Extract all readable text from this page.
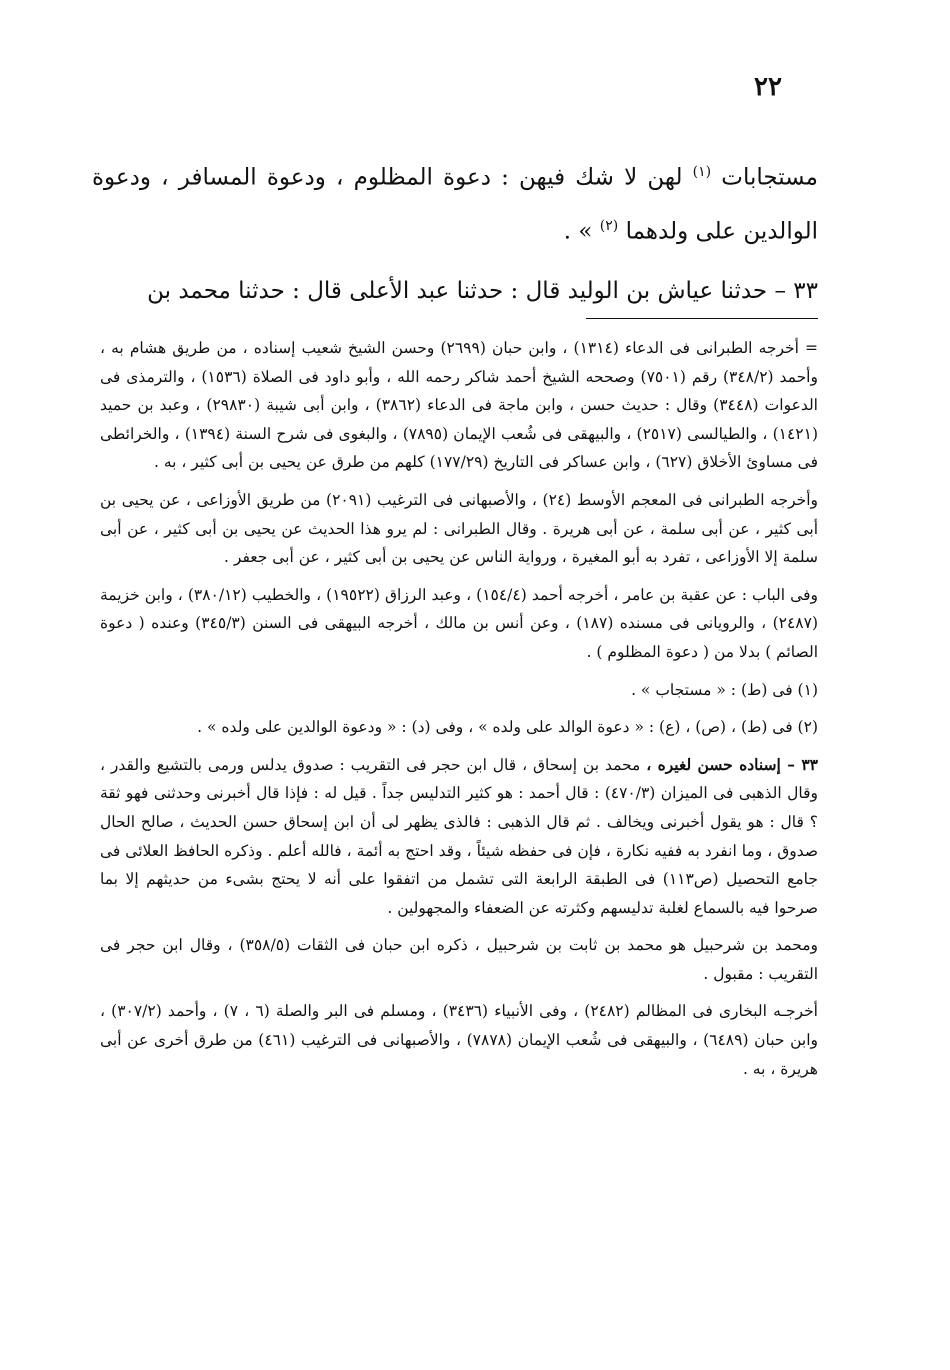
٢٢

مستجابات $^{(١)}$ لهن لا شك فيهن : دعوة المظلوم ، ودعوة المسافر ، ودعوة الوالدين على ولدهما $^{(٢)}$ » .

٣٣ – حدثنا عياش بن الوليد قال : حدثنا عبد الأعلى قال : حدثنا محمد بن

= أخرجه الطبرانى فى الدعاء (١٣١٤) ، وابن حبان (٢٦٩٩) وحسن الشيخ شعيب إسناده ، من طريق هشام به ، وأحمد (٣٤٨/٢) رقم (٧٥٠١) وصححه الشيخ أحمد شاكر رحمه الله ، وأبو داود فى الصلاة (١٥٣٦) ، والترمذى فى الدعوات (٣٤٤٨) وقال : حديث حسن ، وابن ماجة فى الدعاء (٣٨٦٢) ، وابن أبى شيبة (٢٩٨٣٠) ، وعبد بن حميد (١٤٢١) ، والطيالسى (٢٥١٧) ، والبيهقى فى شُعب الإيمان (٧٨٩٥) ، والبغوى فى شرح السنة (١٣٩٤) ، والخرائطى فى مساوئ الأخلاق (٦٢٧) ، وابن عساكر فى التاريخ (١٧٧/٢٩) كلهم من طرق عن يحيى بن أبى كثير ، به .

وأخرجه الطبرانى فى المعجم الأوسط (٢٤) ، والأصبهانى فى الترغيب (٢٠٩١) من طريق الأوزاعى ، عن يحيى بن أبى كثير ، عن أبى سلمة ، عن أبى هريرة . وقال الطبرانى : لم يرو هذا الحديث عن يحيى بن أبى كثير ، عن أبى سلمة إلا الأوزاعى ، تفرد به أبو المغيرة ، ورواية الناس عن يحيى بن أبى كثير ، عن أبى جعفر .

وفى الباب : عن عقبة بن عامر ، أخرجه أحمد (١٥٤/٤) ، وعبد الرزاق (١٩٥٢٢) ، والخطيب (٣٨٠/١٢) ، وابن خزيمة (٢٤٨٧) ، والرويانى فى مسنده (١٨٧) ، وعن أنس بن مالك ، أخرجه البيهقى فى السنن (٣٤٥/٣) وعنده ( دعوة الصائم ) بدلا من ( دعوة المظلوم ) .

(١) فى (ط) : « مستجاب » .

(٢) فى (ط) ، (ص) ، (ع) : « دعوة الوالد على ولده » ، وفى (د) : « ودعوة الوالدين على ولده » .

٣٣ – إسناده حسن لغيره ، محمد بن إسحاق ، قال ابن حجر فى التقريب : صدوق يدلس ورمى بالتشيع والقدر ، وقال الذهبى فى الميزان (٤٧٠/٣) : قال أحمد : هو كثير التدليس جداً . قيل له : فإذا قال أخبرنى وحدثنى فهو ثقة ؟ قال : هو يقول أخبرنى ويخالف . ثم قال الذهبى : فالذى يظهر لى أن ابن إسحاق حسن الحديث ، صالح الحال صدوق ، وما انفرد به ففيه نكارة ، فإن فى حفظه شيئاً ، وقد احتج به أئمة ، فالله أعلم . وذكره الحافظ العلائى فى جامع التحصيل (ص١١٣) فى الطبقة الرابعة التى تشمل من اتفقوا على أنه لا يحتج بشىء من حديثهم إلا بما صرحوا فيه بالسماع لغلبة تدليسهم وكثرته عن الضعفاء والمجهولين .

ومحمد بن شرحبيل هو محمد بن ثابت بن شرحبيل ، ذكره ابن حبان فى الثقات (٣٥٨/٥) ، وقال ابن حجر فى التقريب : مقبول .

أخرجـه البخارى فى المظالم (٢٤٨٢) ، وفى الأنبياء (٣٤٣٦) ، ومسلم فى البر والصلة (٦ ، ٧) ، وأحمد (٣٠٧/٢) ، وابن حبان (٦٤٨٩) ، والبيهقى فى شُعب الإيمان (٧٨٧٨) ، والأصبهانى فى الترغيب (٤٦١) من طرق أخرى عن أبى هريرة ، به .
